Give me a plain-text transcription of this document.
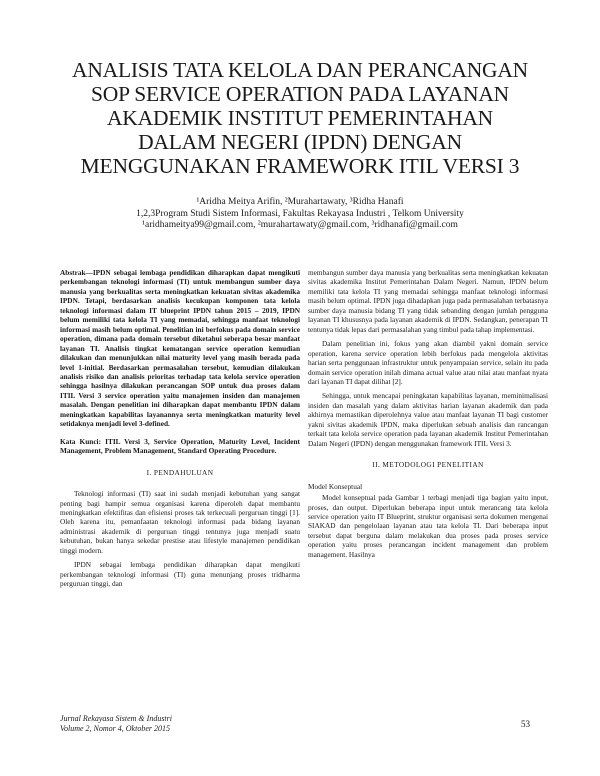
ANALISIS TATA KELOLA DAN PERANCANGAN
SOP SERVICE OPERATION PADA LAYANAN
AKADEMIK INSTITUT PEMERINTAHAN
DALAM NEGERI (IPDN) DENGAN
MENGGUNAKAN FRAMEWORK ITIL VERSI 3
¹Aridha Meitya Arifin, ²Murahartawaty, ³Ridha Hanafi
1,2,3Program Studi Sistem Informasi, Fakultas Rekayasa Industri , Telkom University
¹aridhameitya99@gmail.com, ²murahartawaty@gmail.com, ³ridhanafi@gmail.com
Abstrak—IPDN sebagai lembaga pendidikan diharapkan dapat mengikuti perkembangan teknologi informasi (TI) untuk membangun sumber daya manusia yang berkualitas serta meningkatkan kekuatan sivitas akademika IPDN. Tetapi, berdasarkan analisis kecukupan komponen tata kelola teknologi informasi dalam IT blueprint IPDN tahun 2015 – 2019, IPDN belum memiliki tata kelola TI yang memadai, sehingga manfaat teknologi informasi masih belum optimal. Penelitian ini berfokus pada domain service operation, dimana pada domain tersebut diketahui seberapa besar manfaat layanan TI. Analisis tingkat kematangan service operation kemudian dilakukan dan menunjukkan nilai maturity level yang masih berada pada level 1-initial. Berdasarkan permasalahan tersebut, kemudian dilakukan analisis risiko dan analisis prioritas terhadap tata kelola service operation sehingga hasilnya dilakukan perancangan SOP untuk dua proses dalam ITIL Versi 3 service operation yaitu manajemen insiden dan manajemen masalah. Dengan penelitian ini diharapkan dapat membantu IPDN dalam meningkatkan kapabilitas layanannya serta meningkatkan maturity level setidaknya menjadi level 3-defined.
Kata Kunci: ITIL Versi 3, Service Operation, Maturity Level, Incident Management, Problem Management, Standard Operating Procedure.
I. PENDAHULUAN
Teknologi informasi (TI) saat ini sudah menjadi kebutuhan yang sangat penting bagi hampir semua organisasi karena diperoleh dapat membantu meningkatkan efektifitas dan efisiensi proses tak terkecuali perguruan tinggi [1]. Oleh karena itu, pemanfaatan teknologi informasi pada bidang layanan administrasi akademik di perguruan tinggi tentunya juga menjadi suatu kebutuhan, bukan hanya sekedar prestise atau lifestyle manajemen pendidikan tinggi modern.
IPDN sebagai lembaga pendidikan diharapkan dapat mengikuti perkembangan teknologi informasi (TI) guna menunjang proses tridharma perguruan tinggi, dan
membangun sumber daya manusia yang berkualitas serta meningkatkan kekuatan sivitas akademika Institut Pemerintahan Dalam Negeri. Namun, IPDN belum memiliki tata kelola TI yang memadai sehingga manfaat teknologi informasi masih belum optimal. IPDN juga dihadapkan juga pada permasalahan terbatasnya sumber daya manusia bidang TI yang tidak sebanding dengan jumlah pengguna layanan TI khususnya pada layanan akademik di IPDN. Sedangkan, penerapan TI tentunya tidak lepas dari permasalahan yang timbul pada tahap implementasi.
Dalam penelitian ini, fokus yang akan diambil yakni domain service operation, karena service operation lebih berfokus pada mengelola aktivitas harian serta penggunaan infrastruktur untuk penyampaian service, selain itu pada domain service operation inilah dimana actual value atau nilai atau manfaat nyata dari layanan TI dapat dilihat [2].
Sehingga, untuk mencapai peningkatan kapabilitas layanan, meminimalisasi insiden dan masalah yang dalam aktivitas harian layanan akademik dan pada akhirnya memastikan diperolehnya value atau manfaat layanan TI bagi customer yakni sivitas akademik IPDN, maka diperlukan sebuah analisis dan rancangan terkait tata kelola service operation pada layanan akademik Institut Pemerintahan Dalam Negeri (IPDN) dengan menggunakan framework ITIL Versi 3.
II. METODOLOGI PENELITIAN
Model Konseptual
Model konseptual pada Gambar 1 terbagi menjadi tiga bagian yaitu input, proses, dan output. Diperlukan beberapa input untuk merancang tata kelola service operation yaitu IT Blueprint, struktur organisasi serta dokumen mengenai SIAKAD dan pengelolaan layanan atau tata kelola TI. Dari beberapa input tersebut dapat berguna dalam melakukan dua proses pada proses service operation yaitu proses perancangan incident management dan problem management. Hasilnya
Jurnal Rekayasa Sistem & Industri
Volume 2, Nomor 4, Oktober 2015	53
